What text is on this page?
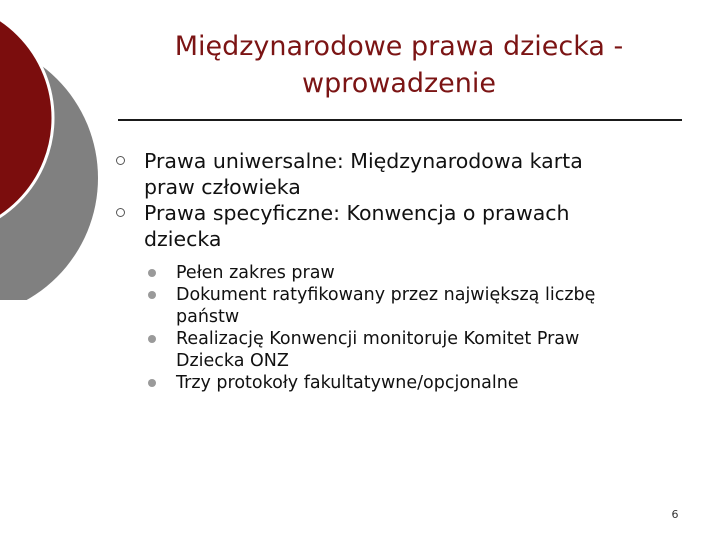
Międzynarodowe prawa dziecka -
wprowadzenie
Prawa uniwersalne: Międzynarodowa karta
praw człowieka
Prawa specyficzne: Konwencja o prawach
dziecka
Pełen zakres praw
Dokument ratyfikowany przez największą liczbę
państw
Realizację Konwencji monitoruje Komitet Praw
Dziecka ONZ
Trzy protokoły fakultatywne/opcjonalne
6
